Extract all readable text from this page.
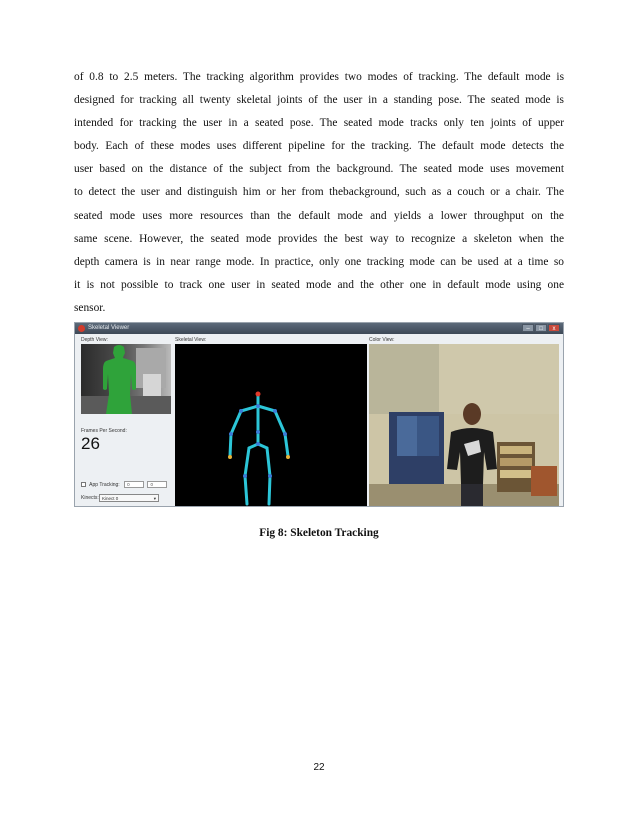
of 0.8 to 2.5 meters. The tracking algorithm provides two modes of tracking. The default mode is
designed for tracking all twenty skeletal joints of the user in a standing pose. The seated mode is
intended for tracking the user in a seated pose. The seated mode tracks only ten joints of upper
body. Each of these modes uses different pipeline for the tracking. The default mode detects the
user based on the distance of the subject from the background. The seated mode uses movement
to detect the user and distinguish him or her from thebackground, such as a couch or a chair. The
seated mode uses more resources than the default mode and yields a lower throughput on the
same scene. However, the seated mode provides the best way to recognize a skeleton when the
depth camera is in near range mode. In practice, only one tracking mode can be used at a time so
it is not possible to track one user in seated mode and the other one in default mode using one
sensor.
Skeletal Viewer	–	□	x
Depth View:	Skeletal View:	Color View:
Frames Per Second:
26
App Tracking: 0	0
Kinects: Kinect 0	▾

Fig 8: Skeleton Tracking

22
